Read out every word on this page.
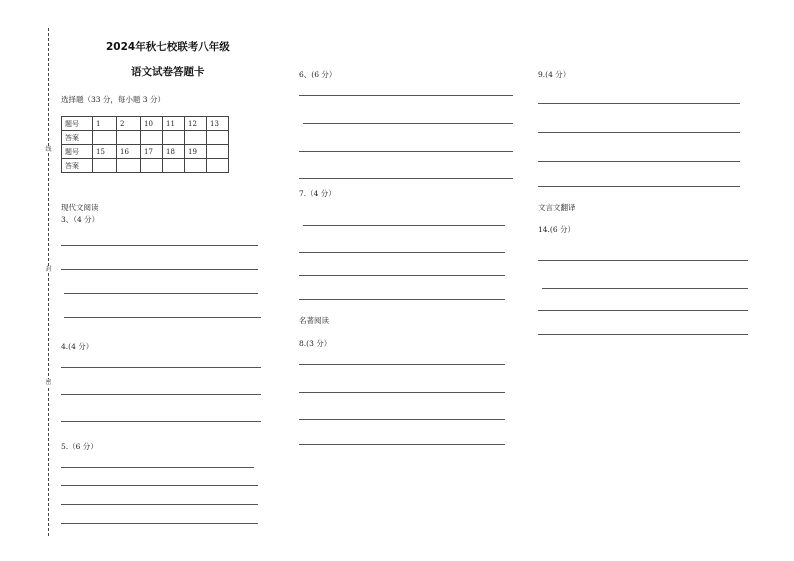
线
封
密
2024年秋七校联考八年级
语文试卷答题卡
选择题（33 分，每小题 3 分）
题号	1	2	10	11	12	13
答案						
题号	15	16	17	18	19	
答案						
现代文阅读
3、（4 分）
4.(4 分）
5.（6 分）
6、(6 分）
7.（4 分）
名著阅读
8.(3 分）
9.(4 分）
文言文翻译
14.(6 分）
